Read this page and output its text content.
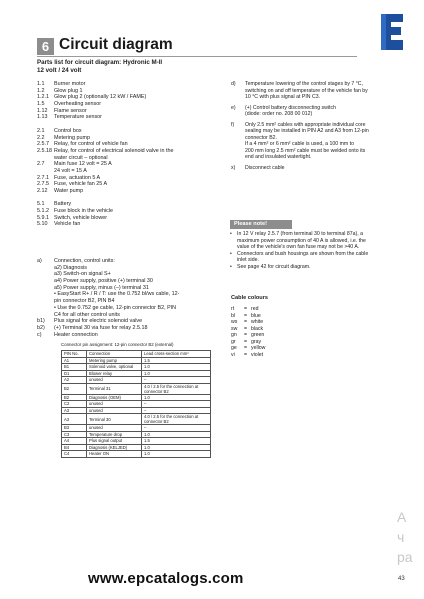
6 Circuit diagram
Parts list for circuit diagram: Hydronic M-II
12 volt / 24 volt
1.1 Burner motor
1.2 Glow plug 1
1.2.1 Glow plug 2 (optionally 12 kW / FAME)
1.5 Overheating sensor
1.12 Flame sensor
1.13 Temperature sensor
2.1 Control box
2.2 Metering pump
2.5.7 Relay, for control of vehicle fan
2.5.18 Relay, for control of electrical solenoid valve in the
water circuit – optional
2.7 Main fuse 12 volt = 25 A
24 volt = 15 A
2.7.1 Fuse, actuation 5 A
2.7.5 Fuse, vehicle fan 25 A
2.12 Water pump
5.1 Battery
5.1.2 Fuse block in the vehicle
5.9.1 Switch, vehicle blower
5.10 Vehicle fan
a) Connection, control units:
a2) Diagnosis
a3) Switch-on signal S+
a4) Power supply, positive (+) terminal 30
a5) Power supply, minus (–) terminal 31
• EasyStart R+ / R / T: use the 0.752 bl/ws cable, 12-
pin connector B2, PIN B4
• Use the 0.752 ge cable, 12-pin connector B2, PIN
C4 for all other control units
b1) Plus signal for electric solenoid valve
b2) (+) Terminal 30 via fuse for relay 2.5.18
c) Heater connection
Connector pin assignment: 12-pin connector B2 (external)
PIN No.	Connection	Lead cross-section mm²
A1	Metering pump	1.5
B1	Solenoid valve, optional	1.0
D1	Blower relay	1.0
A2	unused	–
B2	Terminal 31	4.0 / 2.5 for the connection at connector B2
B2	Diagnosis (OEM)	1.0
C2	unused	–
A3	unused	–
A3	Terminal 30	4.0 / 2.5 for the connection at connector B2
B3	unused	–
C3	Temperature drop	1.0
A4	Plus signal output	1.5
B4	Diagnosis (KELJED)	1.0
C4	Heater ON	1.0
d) Temperature lowering of the control stages by 7 °C,
switching on and off temperature of the vehicle fan by
10 °C with plus signal at PIN C3.
e) (+) Control battery disconnecting switch
(diode: order no. 208 00 012)
f) Only 2.5 mm² cables with appropriate individual core
sealing may be installed in PIN A2 and A3 from 12-pin
connector B2.
If a 4 mm² or 6 mm² cable is used, a 100 mm to
200 mm long 2.5 mm² cable must be welded onto its
end and insulated watertight.
x) Disconnect cable
Please note!
• In 12 V relay 2.5.7 (from terminal 30 to terminal 87a), a
maximum power consumption of 40 A is allowed, i.e. the
value of the vehicle's own fan fuse may not be >40 A.
• Connectors and bush housings are shown from the cable
inlet side.
• See page 42 for circuit diagram.
Cable colours
rt = red
bl = blue
ws = white
sw = black
gn = green
gr = gray
ge = yellow
vi = violet
A
ч
ра
www.epcatalogs.com	43
